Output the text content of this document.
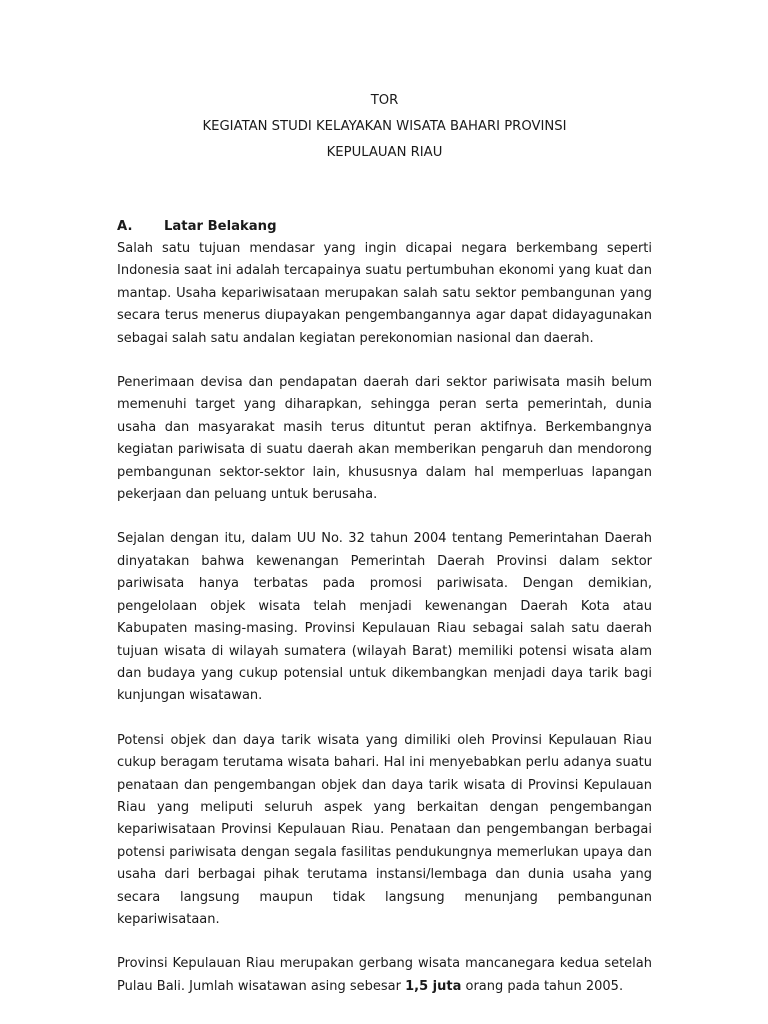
TOR
KEGIATAN STUDI KELAYAKAN WISATA BAHARI PROVINSI
KEPULAUAN RIAU
A.	Latar Belakang

Salah satu tujuan mendasar yang ingin dicapai negara berkembang seperti Indonesia saat ini adalah tercapainya suatu pertumbuhan ekonomi yang kuat dan mantap. Usaha kepariwisataan merupakan salah satu sektor pembangunan yang secara terus menerus diupayakan pengembangannya agar dapat didayagunakan sebagai salah satu andalan kegiatan perekonomian nasional dan daerah.

Penerimaan devisa dan pendapatan daerah dari sektor pariwisata masih belum memenuhi target yang diharapkan, sehingga peran serta pemerintah, dunia usaha dan masyarakat masih terus dituntut peran aktifnya. Berkembangnya kegiatan pariwisata di suatu daerah akan memberikan pengaruh dan mendorong pembangunan sektor-sektor lain, khususnya dalam hal memperluas lapangan pekerjaan dan peluang untuk berusaha.

Sejalan dengan itu, dalam UU No. 32 tahun 2004 tentang Pemerintahan Daerah dinyatakan bahwa kewenangan Pemerintah Daerah Provinsi dalam sektor pariwisata hanya terbatas pada promosi pariwisata. Dengan demikian, pengelolaan objek wisata telah menjadi kewenangan Daerah Kota atau Kabupaten masing-masing. Provinsi Kepulauan Riau sebagai salah satu daerah tujuan wisata di wilayah sumatera (wilayah Barat) memiliki potensi wisata alam dan budaya yang cukup potensial untuk dikembangkan menjadi daya tarik bagi kunjungan wisatawan.

Potensi objek dan daya tarik wisata yang dimiliki oleh Provinsi Kepulauan Riau cukup beragam terutama wisata bahari. Hal ini menyebabkan perlu adanya suatu penataan dan pengembangan objek dan daya tarik wisata di Provinsi Kepulauan Riau yang meliputi seluruh aspek yang berkaitan dengan pengembangan kepariwisataan Provinsi Kepulauan Riau. Penataan dan pengembangan berbagai potensi pariwisata dengan segala fasilitas pendukungnya memerlukan upaya dan usaha dari berbagai pihak terutama instansi/lembaga dan dunia usaha yang secara langsung maupun tidak langsung menunjang pembangunan kepariwisataan.

Provinsi Kepulauan Riau merupakan gerbang wisata mancanegara kedua setelah Pulau Bali. Jumlah wisatawan asing sebesar 1,5 juta orang pada tahun 2005.
